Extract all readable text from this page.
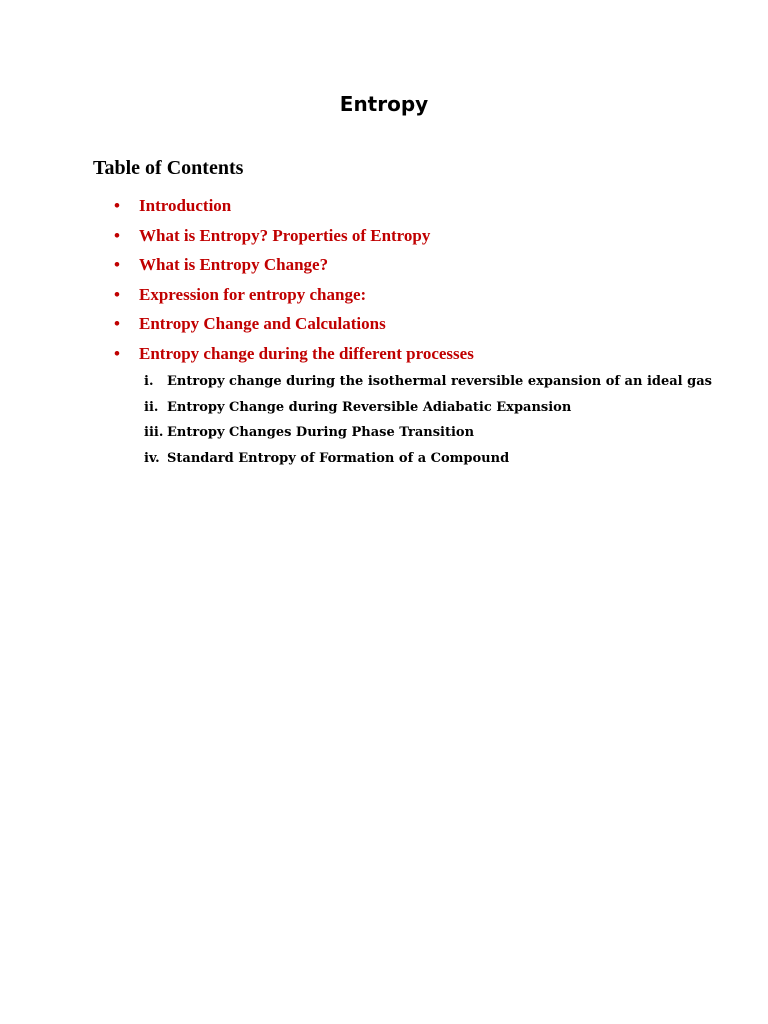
Entropy
Table of Contents
• Introduction
• What is Entropy? Properties of Entropy
• What is Entropy Change?
• Expression for entropy change:
• Entropy Change and Calculations
• Entropy change during the different processes
i. Entropy change during the isothermal reversible expansion of an ideal gas
ii. Entropy Change during Reversible Adiabatic Expansion
iii. Entropy Changes During Phase Transition
iv. Standard Entropy of Formation of a Compound
